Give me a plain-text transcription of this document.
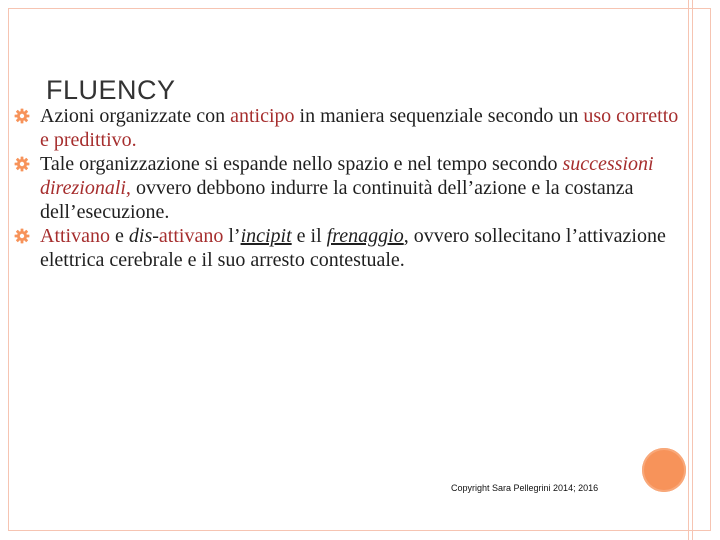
FLUENCY
Azioni organizzate con anticipo in maniera sequenziale secondo un uso corretto e predittivo.
Tale organizzazione si espande nello spazio e nel tempo secondo successioni direzionali, ovvero debbono indurre la continuità dell’azione e la costanza dell’esecuzione.
Attivano e dis-attivano l’incipit e il frenaggio, ovvero sollecitano l’attivazione elettrica cerebrale e il suo arresto contestuale.
Copyright Sara Pellegrini 2014; 2016
